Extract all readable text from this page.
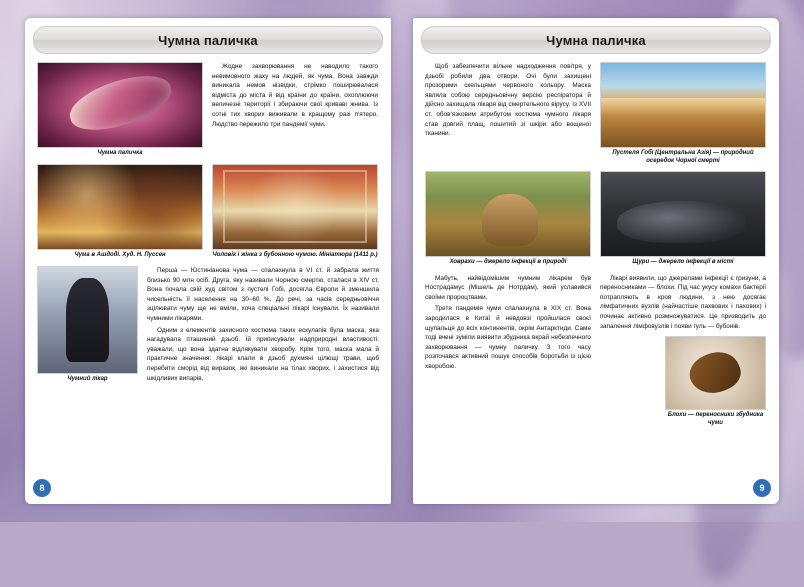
Чумна паличка
Чумна паличка

Жодне захворювання не наводило такого невимовного жаху на людей, як чума. Вона завжди виникала немов нізвідки, стрімко поширювалася відміста до міста й від країни до країни, охоплюючи величезні території і збираючи свої криваві жнива. Із сотні тих хворих виживали в кращому разі п'ятеро. Людство пережило три пандемії чуми.

Чума в Ашдоді. Худ. Н. Пуссен	Чоловік і жінка з бубонною чумою. Мініатюра (1411 р.)
Чумний лікар

Перша — Юстиніанова чума — спалахнула в VI ст. й забрала життя близько 90 млн осіб. Друга, яку називали Чорною смертю, сталася в XIV ст. Вона почала свій худ світом з пустелі Гобі, досягла Європи й зменшила чисельність її населення на 30–60 %. До речі, за часів середньовіччя зцілювати чуму ще не вміли, хоча спеціальні лікарі існували. Їх називали чумними лікарями.

Одним з елементів захисного костюма таких ескулапів була маска, яка нагадувала пташиний дзьоб. Їй приписували надприродні властивості: уважали, що вона здатна відлякувати хворобу. Крім того, маска мала й практичне значення: лікарі клали в дзьоб духмяні цілющі трави, щоб перебити сморід від виразок, які виникали на тілах хворих, і захистися від шкідливих випарів.

8
Чумна паличка

Щоб забезпечити вільне надходження повітря, у дзьобі робили два отвори. Очі були захищені прозорими скельцями червоного кольору. Маска являла собою середньовічну версію респіратора й дійсно захищала лікаря від смертельного вірусу. Із XVII ст. обов'язковим атрибутом костюма чумного лікаря став довгий плащ, пошитий зі шкіри або вощеної тканини.

Пустеля Гобі (Центральна Азія) — природний осередок Чорної смерті
Ховрахи — джерело інфекції в природі	Щури — джерело інфекції в місті

Мабуть, найвідомішим чумним лікарем був Нострадамус (Мішель де Нотрдам), який уславився своїми пророцтвами.

Третя пандемія чуми спалахнула в XIX ст. Вона зародилася в Китаї й невдовзі пройшлася своєї щупальця до всіх континентів, окрім Антарктиди. Саме тоді вчені зуміли виявити збудника вкрай небезпечного захворювання — чумну паличку. З того часу розпочався активний пошук способів боротьби із цією хворобою.

Лікарі виявили, що джерелами інфекції є гризуни, а переносниками — блохи. Під час укусу комахи бактерії потрапляють в кров людини, з нею досягає лімфатичних вузлів (найчастіше пахвових і пахових) і починає активно розмножуватися. Це призводить до запалення лімфовузлів і появи гуль — бубонів.

Блохи — переносники збудника чуми
9
